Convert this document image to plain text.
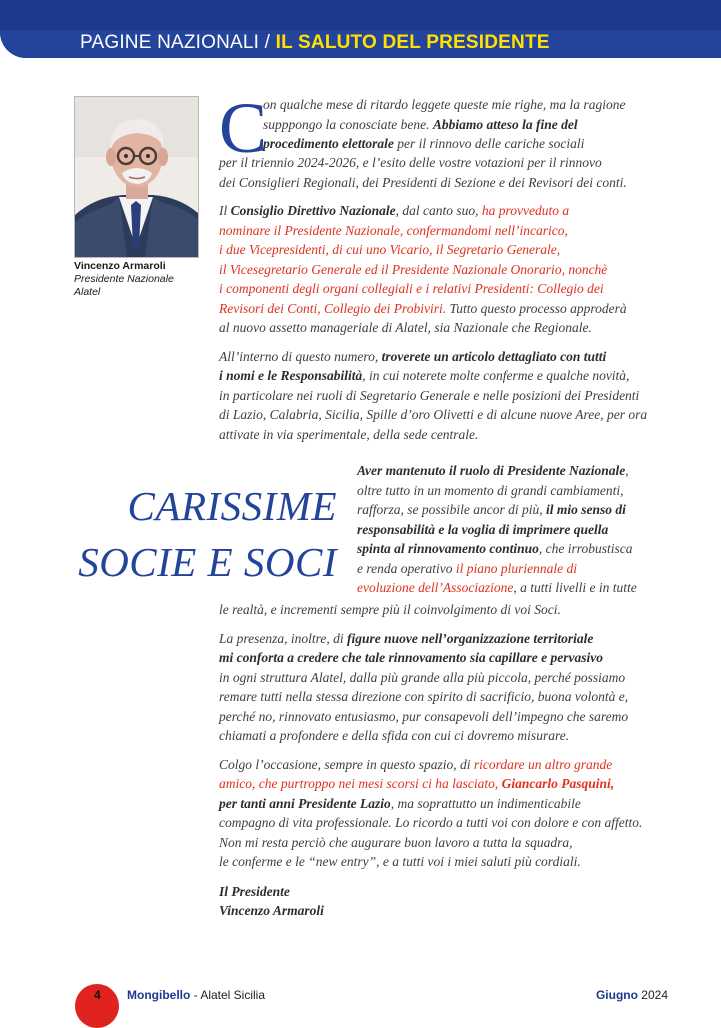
PAGINE NAZIONALI / IL SALUTO DEL PRESIDENTE
Vincenzo Armaroli
Presidente Nazionale
Alatel
C

on qualche mese di ritardo leggete queste mie righe, ma la ragione

supppongo la conosciate bene. Abbiamo atteso la fine del

procedimento elettorale per il rinnovo delle cariche sociali

per il triennio 2024-2026, e l’esito delle vostre votazioni per il rinnovo

dei Consiglieri Regionali, dei Presidenti di Sezione e dei Revisori dei conti.

Il Consiglio Direttivo Nazionale, dal canto suo, ha provveduto a

nominare il Presidente Nazionale, confermandomi nell’incarico,

i due Vicepresidenti, di cui uno Vicario, il Segretario Generale,

il Vicesegretario Generale ed il Presidente Nazionale Onorario, nonchè

i componenti degli organi collegiali e i relativi Presidenti: Collegio dei

Revisori dei Conti, Collegio dei Probiviri. Tutto questo processo approderà

al nuovo assetto manageriale di Alatel, sia Nazionale che Regionale.

All’interno di questo numero, troverete un articolo dettagliato con tutti

i nomi e le Responsabilità, in cui noterete molte conferme e qualche novità,

in particolare nei ruoli di Segretario Generale e nelle posizioni dei Presidenti

di Lazio, Calabria, Sicilia, Spille d’oro Olivetti e di alcune nuove Aree, per ora

attivate in via sperimentale, della sede centrale.

CARISSIME
SOCIE E SOCI

Aver mantenuto il ruolo di Presidente Nazionale,

oltre tutto in un momento di grandi cambiamenti,

rafforza, se possibile ancor di più, il mio senso di

responsabilità e la voglia di imprimere quella

spinta al rinnovamento continuo, che irrobustisca

e renda operativo il piano pluriennale di

evoluzione dell’Associazione, a tutti livelli e in tutte

le realtà, e incrementi sempre più il coinvolgimento di voi Soci.

La presenza, inoltre, di figure nuove nell’organizzazione territoriale

mi conforta a credere che tale rinnovamento sia capillare e pervasivo

in ogni struttura Alatel, dalla più grande alla più piccola, perché possiamo

remare tutti nella stessa direzione con spirito di sacrificio, buona volontà e,

perché no, rinnovato entusiasmo, pur consapevoli dell’impegno che saremo

chiamati a profondere e della sfida con cui ci dovremo misurare.

Colgo l’occasione, sempre in questo spazio, di ricordare un altro grande

amico, che purtroppo nei mesi scorsi ci ha lasciato, Giancarlo Pasquini,

per tanti anni Presidente Lazio, ma soprattutto un indimenticabile

compagno di vita professionale. Lo ricordo a tutti voi con dolore e con affetto.

Non mi resta perciò che augurare buon lavoro a tutta la squadra,

le conferme e le “new entry”, e a tutti voi i miei saluti più cordiali.

Il Presidente

Vincenzo Armaroli

4 Mongibello - Alatel Sicilia	Giugno 2024
